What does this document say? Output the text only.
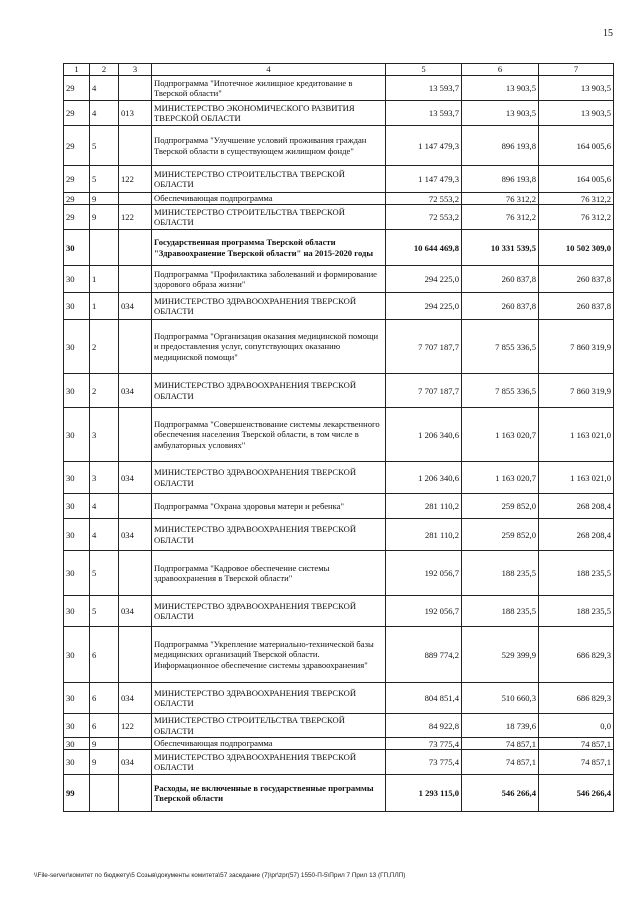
15
1	2	3	4	5	6	7
29	4		Подпрограмма "Ипотечное жилищное кредитование в Тверской области"	13 593,7	13 903,5	13 903,5
29	4	013	МИНИСТЕРСТВО ЭКОНОМИЧЕСКОГО РАЗВИТИЯ ТВЕРСКОЙ ОБЛАСТИ	13 593,7	13 903,5	13 903,5
29	5		Подпрограмма "Улучшение условий проживания граждан Тверской области в существующем жилищном фонде"	1 147 479,3	896 193,8	164 005,6
29	5	122	МИНИСТЕРСТВО СТРОИТЕЛЬСТВА ТВЕРСКОЙ ОБЛАСТИ	1 147 479,3	896 193,8	164 005,6
29	9		Обеспечивающая подпрограмма	72 553,2	76 312,2	76 312,2
29	9	122	МИНИСТЕРСТВО СТРОИТЕЛЬСТВА ТВЕРСКОЙ ОБЛАСТИ	72 553,2	76 312,2	76 312,2
30			Государственная программа Тверской области "Здравоохранение Тверской области" на 2015-2020 годы	10 644 469,8	10 331 539,5	10 502 309,0
30	1		Подпрограмма "Профилактика заболеваний и формирование здорового образа жизни"	294 225,0	260 837,8	260 837,8
30	1	034	МИНИСТЕРСТВО ЗДРАВООХРАНЕНИЯ ТВЕРСКОЙ ОБЛАСТИ	294 225,0	260 837,8	260 837,8
30	2		Подпрограмма "Организация оказания медицинской помощи и предоставления услуг, сопутствующих оказанию медицинской помощи"	7 707 187,7	7 855 336,5	7 860 319,9
30	2	034	МИНИСТЕРСТВО ЗДРАВООХРАНЕНИЯ ТВЕРСКОЙ ОБЛАСТИ	7 707 187,7	7 855 336,5	7 860 319,9
30	3		Подпрограмма "Совершенствование системы лекарственного обеспечения населения Тверской области, в том числе в амбулаторных условиях"	1 206 340,6	1 163 020,7	1 163 021,0
30	3	034	МИНИСТЕРСТВО ЗДРАВООХРАНЕНИЯ ТВЕРСКОЙ ОБЛАСТИ	1 206 340,6	1 163 020,7	1 163 021,0
30	4		Подпрограмма "Охрана здоровья матери и ребенка"	281 110,2	259 852,0	268 208,4
30	4	034	МИНИСТЕРСТВО ЗДРАВООХРАНЕНИЯ ТВЕРСКОЙ ОБЛАСТИ	281 110,2	259 852,0	268 208,4
30	5		Подпрограмма "Кадровое обеспечение системы здравоохранения в Тверской области"	192 056,7	188 235,5	188 235,5
30	5	034	МИНИСТЕРСТВО ЗДРАВООХРАНЕНИЯ ТВЕРСКОЙ ОБЛАСТИ	192 056,7	188 235,5	188 235,5
30	6		Подпрограмма "Укрепление материально-технической базы медицинских организаций Тверской области. Информационное обеспечение системы здравоохранения"	889 774,2	529 399,9	686 829,3
30	6	034	МИНИСТЕРСТВО ЗДРАВООХРАНЕНИЯ ТВЕРСКОЙ ОБЛАСТИ	804 851,4	510 660,3	686 829,3
30	6	122	МИНИСТЕРСТВО СТРОИТЕЛЬСТВА ТВЕРСКОЙ ОБЛАСТИ	84 922,8	18 739,6	0,0
30	9		Обеспечивающая подпрограмма	73 775,4	74 857,1	74 857,1
30	9	034	МИНИСТЕРСТВО ЗДРАВООХРАНЕНИЯ ТВЕРСКОЙ ОБЛАСТИ	73 775,4	74 857,1	74 857,1
99			Расходы, не включенные в государственные программы Тверской области	1 293 115,0	546 266,4	546 266,4
\\File-server\комитет по бюджету\5 Созыв\документы комитета\57 заседание (7)\pr\zpr(57) 1550-П-5\Прил 7 Прил 13 (ГП,ПЛП)
